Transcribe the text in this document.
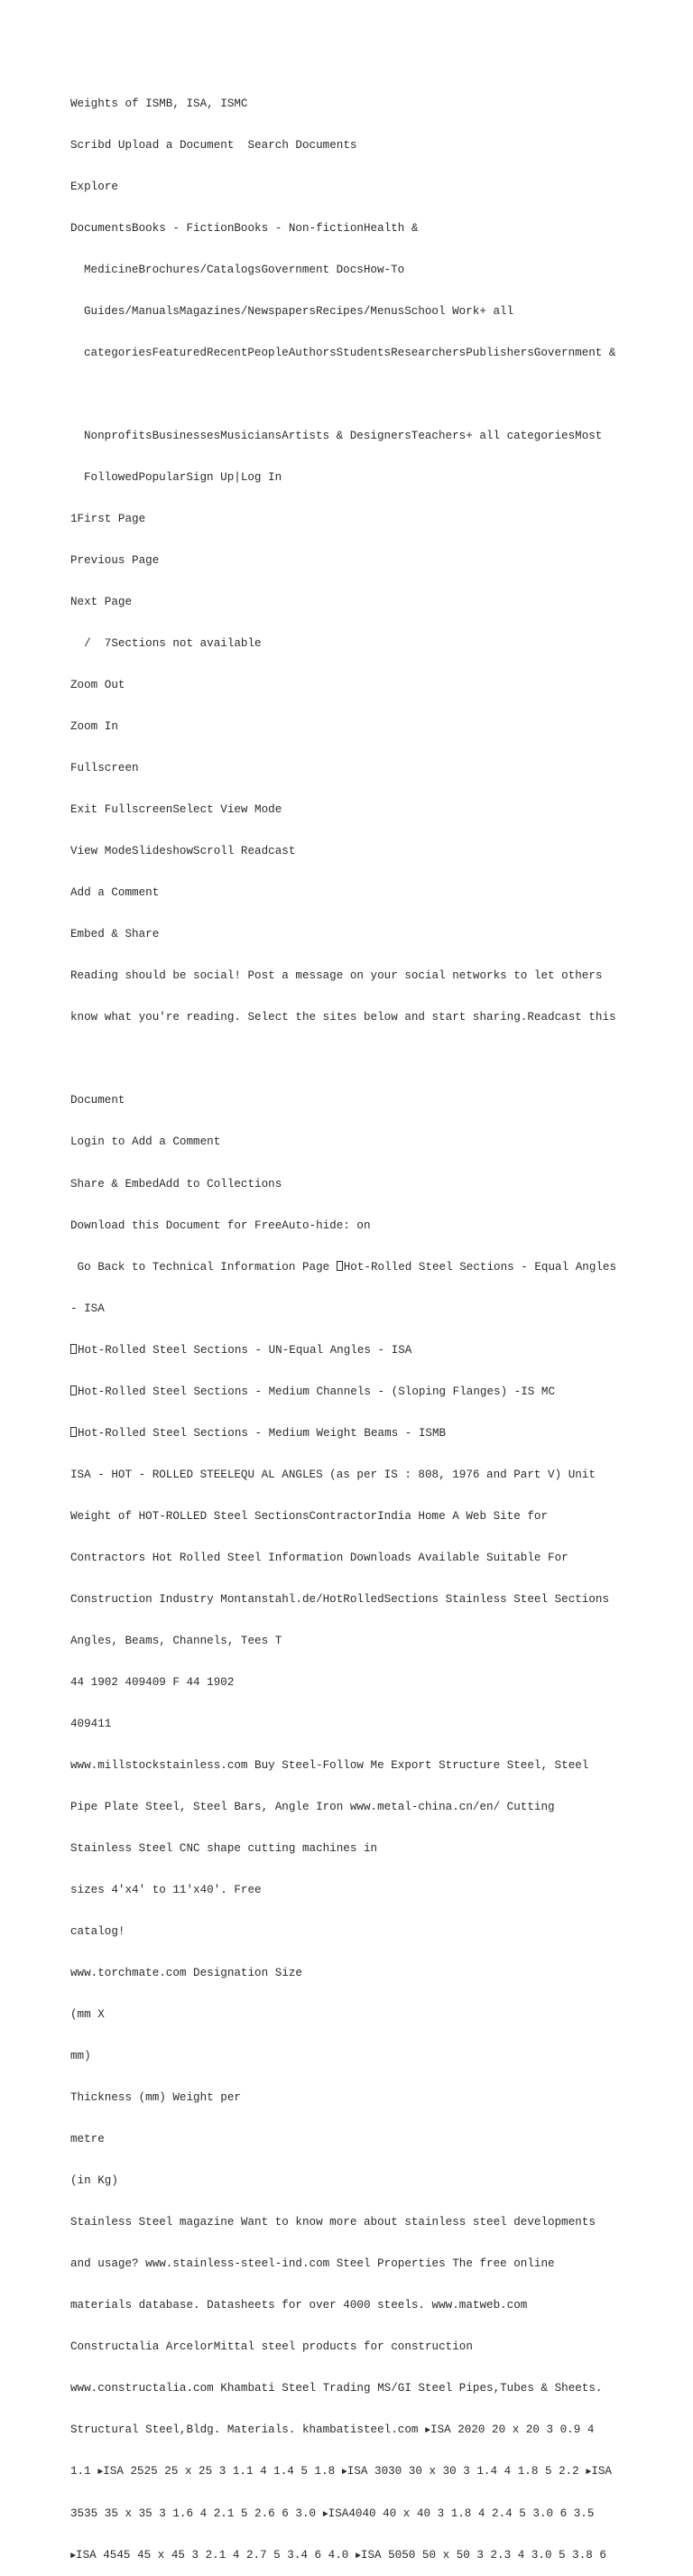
Weights of ISMB, ISA, ISMC

Scribd Upload a Document Search Documents

Explore

DocumentsBooks - FictionBooks - Non-fictionHealth &

MedicineBrochures/CatalogsGovernment DocsHow-To

Guides/ManualsMagazines/NewspapersRecipes/MenusSchool Work+ all

categoriesFeaturedRecentPeopleAuthorsStudentsResearchersPublishersGovernment &

NonprofitsBusinessesMusiciansArtists & DesignersTeachers+ all categoriesMost

FollowedPopularSign Up|Log In

1First Page

Previous Page

Next Page

/  7Sections not available

Zoom Out

Zoom In

Fullscreen

Exit FullscreenSelect View Mode

View ModeSlideshowScroll Readcast

Add a Comment

Embed & Share

Reading should be social! Post a message on your social networks to let others

know what you're reading. Select the sites below and start sharing.Readcast this

Document

Login to Add a Comment

Share & EmbedAdd to Collections

Download this Document for FreeAuto-hide: on

Go Back to Technical Information Page Hot-Rolled Steel Sections - Equal Angles

- ISA

Hot-Rolled Steel Sections - UN-Equal Angles - ISA

Hot-Rolled Steel Sections - Medium Channels - (Sloping Flanges) -IS MC

Hot-Rolled Steel Sections - Medium Weight Beams - ISMB

ISA - HOT - ROLLED STEELEQU AL ANGLES (as per IS : 808, 1976 and Part V) Unit

Weight of HOT-ROLLED Steel SectionsContractorIndia Home A Web Site for

Contractors Hot Rolled Steel Information Downloads Available Suitable For

Construction Industry Montanstahl.de/HotRolledSections Stainless Steel Sections

Angles, Beams, Channels, Tees T

44 1902 409409 F 44 1902

409411

www.millstockstainless.com Buy Steel-Follow Me Export Structure Steel, Steel

Pipe Plate Steel, Steel Bars, Angle Iron www.metal-china.cn/en/ Cutting

Stainless Steel CNC shape cutting machines in

sizes 4'x4' to 11'x40'. Free

catalog!

www.torchmate.com Designation Size

(mm X

mm)

Thickness (mm) Weight per

metre

(in Kg)

Stainless Steel magazine Want to know more about stainless steel developments

and usage? www.stainless-steel-ind.com Steel Properties The free online

materials database. Datasheets for over 4000 steels. www.matweb.com

Constructalia ArcelorMittal steel products for construction

www.constructalia.com Khambati Steel Trading MS/GI Steel Pipes,Tubes & Sheets.

Structural Steel,Bldg. Materials. khambatisteel.com ►ISA 2020 20 x 20 3 0.9 4

1.1 ►ISA 2525 25 x 25 3 1.1 4 1.4 5 1.8 ►ISA 3030 30 x 30 3 1.4 4 1.8 5 2.2 ►ISA

3535 35 x 35 3 1.6 4 2.1 5 2.6 6 3.0 ►ISA4040 40 x 40 3 1.8 4 2.4 5 3.0 6 3.5

►ISA 4545 45 x 45 3 2.1 4 2.7 5 3.4 6 4.0 ►ISA 5050 50 x 50 3 2.3 4 3.0 5 3.8 6
